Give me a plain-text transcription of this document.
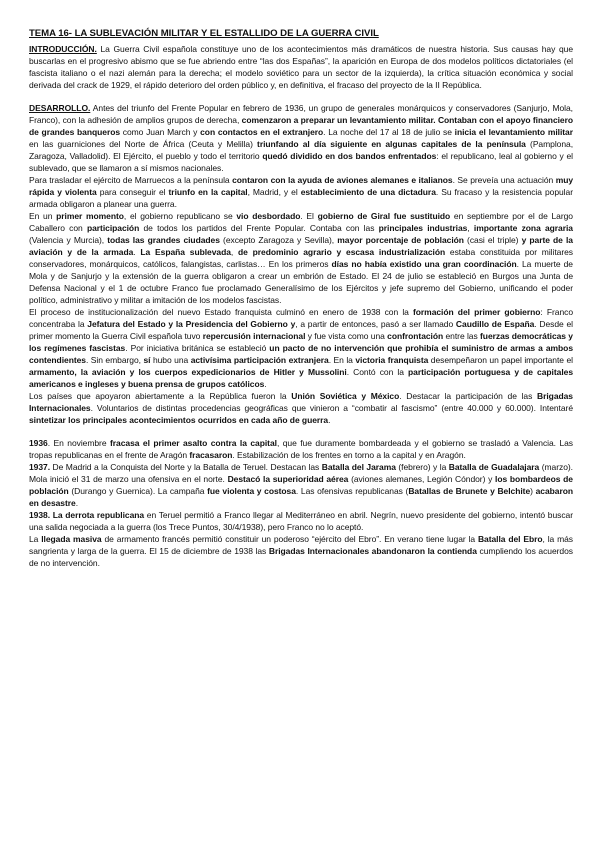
TEMA 16- LA SUBLEVACIÓN MILITAR Y EL ESTALLIDO DE LA GUERRA CIVIL

INTRODUCCIÓN. La Guerra Civil española constituye uno de los acontecimientos más dramáticos de nuestra historia. Sus causas hay que buscarlas en el progresivo abismo que se fue abriendo entre “las dos Españas”, la aparición en Europa de dos modelos políticos dictatoriales (el fascista italiano o el nazi alemán para la derecha; el modelo soviético para un sector de la izquierda), la crítica situación económica y social derivada del crack de 1929, el rápido deterioro del orden público y, en definitiva, el fracaso del proyecto de la II República.

DESARROLLO. Antes del triunfo del Frente Popular en febrero de 1936, un grupo de generales monárquicos y conservadores (Sanjurjo, Mola, Franco), con la adhesión de amplios grupos de derecha, comenzaron a preparar un levantamiento militar. Contaban con el apoyo financiero de grandes banqueros como Juan March y con contactos en el extranjero. La noche del 17 al 18 de julio se inicia el levantamiento militar en las guarniciones del Norte de África (Ceuta y Melilla) triunfando al día siguiente en algunas capitales de la península (Pamplona, Zaragoza, Valladolid). El Ejército, el pueblo y todo el territorio quedó dividido en dos bandos enfrentados: el republicano, leal al gobierno y el sublevado, que se llamaron a sí mismos nacionales.

Para trasladar el ejército de Marruecos a la península contaron con la ayuda de aviones alemanes e italianos. Se preveía una actuación muy rápida y violenta para conseguir el triunfo en la capital, Madrid, y el establecimiento de una dictadura. Su fracaso y la resistencia popular armada obligaron a planear una guerra.

En un primer momento, el gobierno republicano se vio desbordado. El gobierno de Giral fue sustituido en septiembre por el de Largo Caballero con participación de todos los partidos del Frente Popular. Contaba con las principales industrias, importante zona agraria (Valencia y Murcia), todas las grandes ciudades (excepto Zaragoza y Sevilla), mayor porcentaje de población (casi el triple) y parte de la aviación y de la armada. La España sublevada, de predominio agrario y escasa industrialización estaba constituida por militares conservadores, monárquicos, católicos, falangistas, carlistas… En los primeros días no había existido una gran coordinación. La muerte de Mola y de Sanjurjo y la extensión de la guerra obligaron a crear un embrión de Estado. El 24 de julio se estableció en Burgos una Junta de Defensa Nacional y el 1 de octubre Franco fue proclamado Generalísimo de los Ejércitos y jefe supremo del Gobierno, unificando el poder político, administrativo y militar a imitación de los modelos fascistas.

El proceso de institucionalización del nuevo Estado franquista culminó en enero de 1938 con la formación del primer gobierno: Franco concentraba la Jefatura del Estado y la Presidencia del Gobierno y, a partir de entonces, pasó a ser llamado Caudillo de España. Desde el primer momento la Guerra Civil española tuvo repercusión internacional y fue vista como una confrontación entre las fuerzas democráticas y los regímenes fascistas. Por iniciativa británica se estableció un pacto de no intervención que prohibía el suministro de armas a ambos contendientes. Sin embargo, sí hubo una activísima participación extranjera. En la victoria franquista desempeñaron un papel importante el armamento, la aviación y los cuerpos expedicionarios de Hitler y Mussolini. Contó con la participación portuguesa y de capitales americanos e ingleses y buena prensa de grupos católicos.

Los países que apoyaron abiertamente a la República fueron la Unión Soviética y México. Destacar la participación de las Brigadas Internacionales. Voluntarios de distintas procedencias geográficas que vinieron a “combatir al fascismo” (entre 40.000 y 60.000). Intentaré sintetizar los principales acontecimientos ocurridos en cada año de guerra.

1936. En noviembre fracasa el primer asalto contra la capital, que fue duramente bombardeada y el gobierno se trasladó a Valencia. Las tropas republicanas en el frente de Aragón fracasaron. Estabilización de los frentes en torno a la capital y en Aragón.

1937. De Madrid a la Conquista del Norte y la Batalla de Teruel. Destacan las Batalla del Jarama (febrero) y la Batalla de Guadalajara (marzo). Mola inició el 31 de marzo una ofensiva en el norte. Destacó la superioridad aérea (aviones alemanes, Legión Cóndor) y los bombardeos de población (Durango y Guernica). La campaña fue violenta y costosa. Las ofensivas republicanas (Batallas de Brunete y Belchite) acabaron en desastre.

1938. La derrota republicana en Teruel permitió a Franco llegar al Mediterráneo en abril. Negrín, nuevo presidente del gobierno, intentó buscar una salida negociada a la guerra (los Trece Puntos, 30/4/1938), pero Franco no lo aceptó.

La llegada masiva de armamento francés permitió constituir un poderoso “ejército del Ebro”. En verano tiene lugar la Batalla del Ebro, la más sangrienta y larga de la guerra. El 15 de diciembre de 1938 las Brigadas Internacionales abandonaron la contienda cumpliendo los acuerdos de no intervención.
